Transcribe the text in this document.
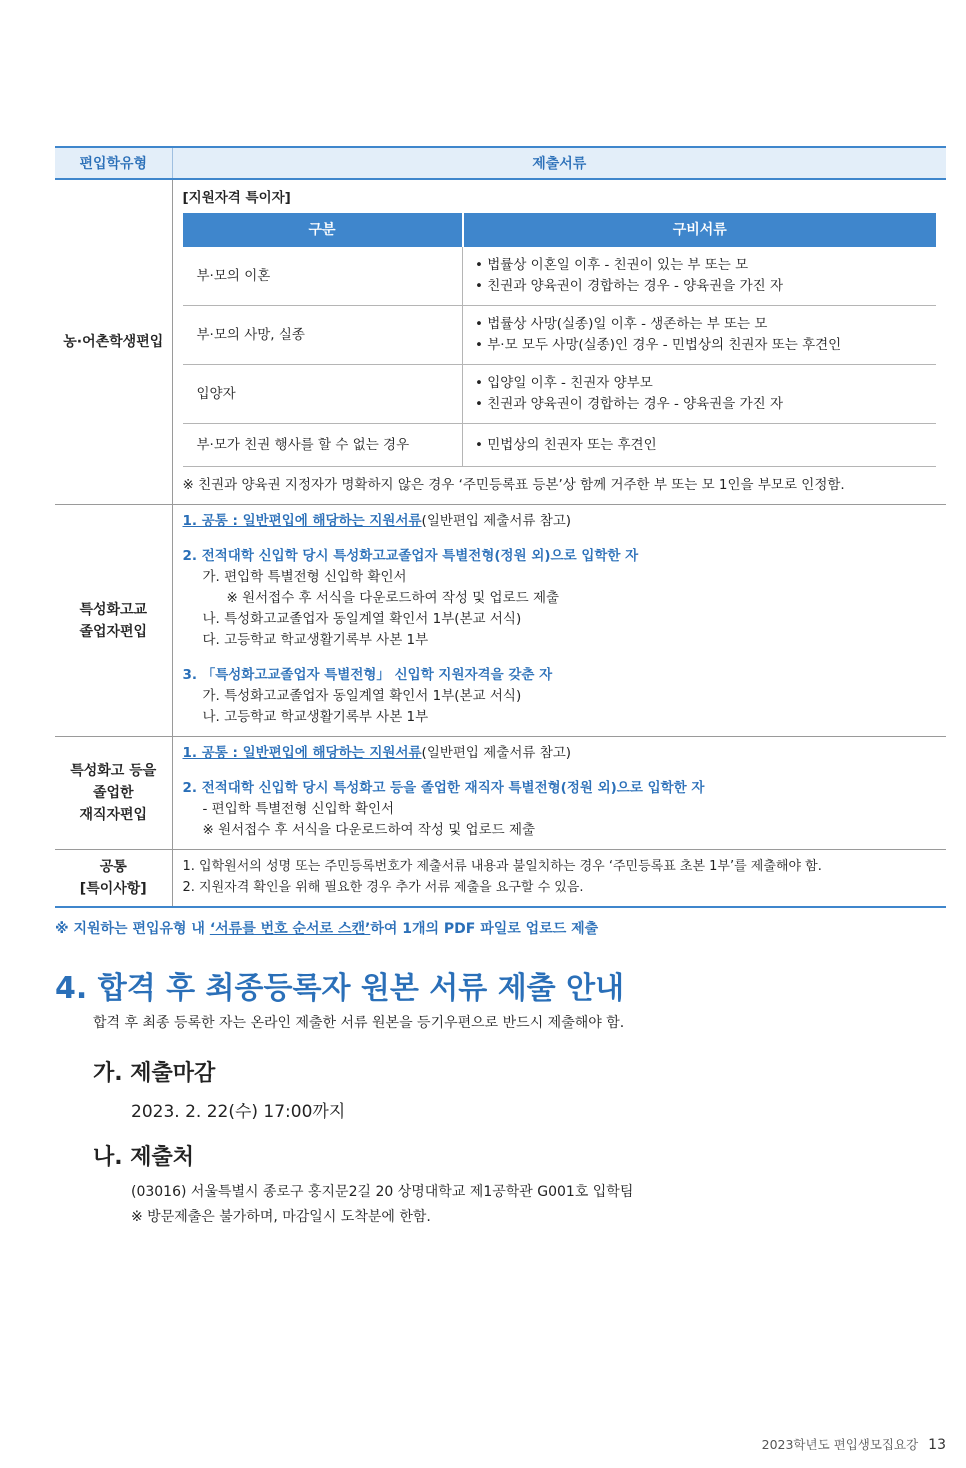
편입학유형	제출서류
농·어촌학생편입	
[지원자격 특이자]
구분	구비서류
부·모의 이혼	
• 법률상 이혼일 이후 - 친권이 있는 부 또는 모
• 친권과 양육권이 경합하는 경우 - 양육권을 가진 자

부·모의 사망, 실종	
• 법률상 사망(실종)일 이후 - 생존하는 부 또는 모
• 부·모 모두 사망(실종)인 경우 - 민법상의 친권자 또는 후견인

입양자	
• 입양일 이후 - 친권자 양부모
• 친권과 양육권이 경합하는 경우 - 양육권을 가진 자

부·모가 친권 행사를 할 수 없는 경우	• 민법상의 친권자 또는 후견인
※ 친권과 양육권 지정자가 명확하지 않은 경우 ‘주민등록표 등본’상 함께 거주한 부 또는 모 1인을 부모로 인정함.

특성화고교
졸업자편입

1. 공통 : 일반편입에 해당하는 지원서류(일반편입 제출서류 참고)
2. 전적대학 신입학 당시 특성화고교졸업자 특별전형(정원 외)으로 입학한 자
가. 편입학 특별전형 신입학 확인서
※ 원서접수 후 서식을 다운로드하여 작성 및 업로드 제출
나. 특성화고교졸업자 동일계열 확인서 1부(본교 서식)
다. 고등학교 학교생활기록부 사본 1부
3. 「특성화고교졸업자 특별전형」 신입학 지원자격을 갖춘 자
가. 특성화고교졸업자 동일계열 확인서 1부(본교 서식)
나. 고등학교 학교생활기록부 사본 1부

특성화고 등을
졸업한
재직자편입

1. 공통 : 일반편입에 해당하는 지원서류(일반편입 제출서류 참고)
2. 전적대학 신입학 당시 특성화고 등을 졸업한 재직자 특별전형(정원 외)으로 입학한 자
- 편입학 특별전형 신입학 확인서
※ 원서접수 후 서식을 다운로드하여 작성 및 업로드 제출

공통
[특이사항]

1. 입학원서의 성명 또는 주민등록번호가 제출서류 내용과 불일치하는 경우 ‘주민등록표 초본 1부’를 제출해야 함.
2. 지원자격 확인을 위해 필요한 경우 추가 서류 제출을 요구할 수 있음.
※ 지원하는 편입유형 내 ‘서류를 번호 순서로 스캔’하여 1개의 PDF 파일로 업로드 제출
4. 합격 후 최종등록자 원본 서류 제출 안내
합격 후 최종 등록한 자는 온라인 제출한 서류 원본을 등기우편으로 반드시 제출해야 함.
가. 제출마감
2023. 2. 22(수) 17:00까지
나. 제출처
(03016) 서울특별시 종로구 홍지문2길 20 상명대학교 제1공학관 G001호 입학팀
※ 방문제출은 불가하며, 마감일시 도착분에 한함.
2023학년도 편입생모집요강 13
